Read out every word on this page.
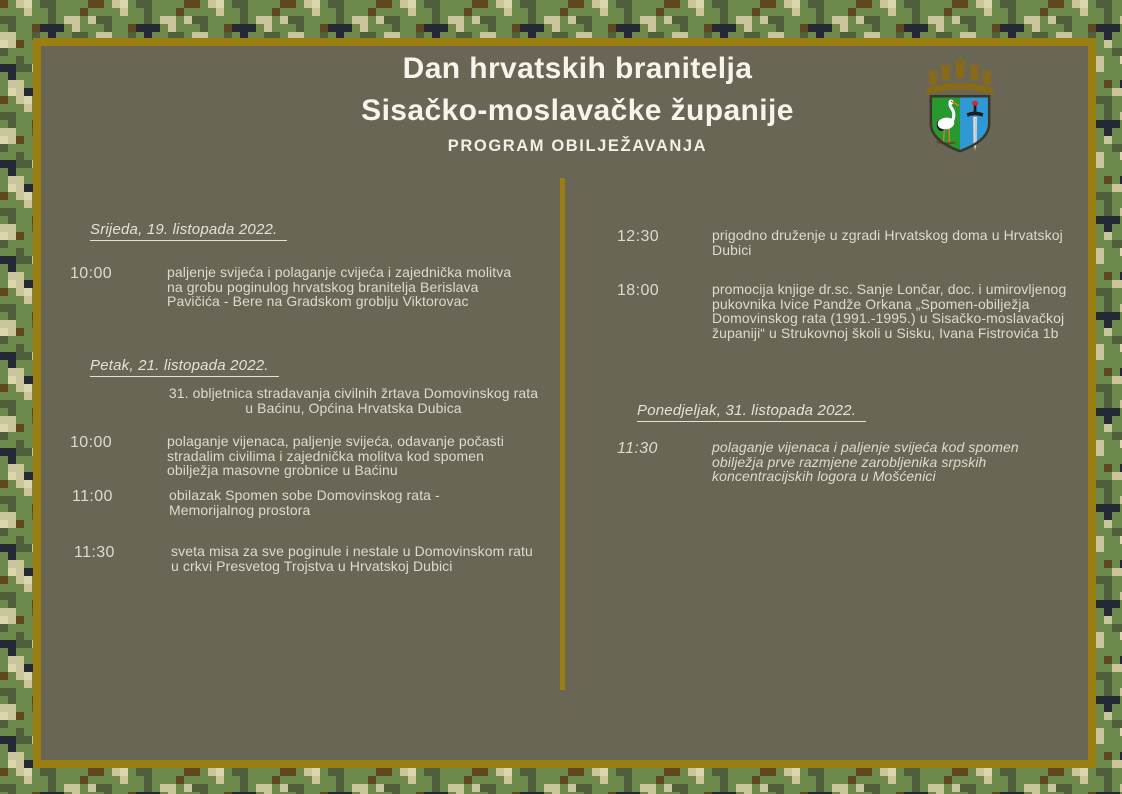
Dan hrvatskih branitelja
Sisačko-moslavačke županije
PROGRAM OBILJEŽAVANJA
Srijeda, 19. listopada 2022.
10:00	paljenje svijeća i polaganje cvijeća i zajednička molitva na grobu poginulog hrvatskog branitelja Berislava Pavičića - Bere na Gradskom groblju Viktorovac
Petak, 21. listopada 2022.
31. obljetnica stradavanja civilnih žrtava Domovinskog rata u Baćinu, Općina Hrvatska Dubica
10:00	polaganje vijenaca, paljenje svijeća, odavanje počasti stradalim civilima i zajednička molitva kod spomen obilježja masovne grobnice u Baćinu
11:00	obilazak Spomen sobe Domovinskog rata - Memorijalnog prostora
11:30	sveta misa za sve poginule i nestale u Domovinskom ratu u crkvi Presvetog Trojstva u Hrvatskoj Dubici
12:30	prigodno druženje u zgradi Hrvatskog doma u Hrvatskoj Dubici
18:00	promocija knjige dr.sc. Sanje Lončar, doc. i umirovljenog pukovnika Ivice Pandže Orkana „Spomen-obilježja Domovinskog rata (1991.-1995.) u Sisačko-moslavačkoj županiji“ u Strukovnoj školi u Sisku, Ivana Fistrovića 1b
Ponedjeljak, 31. listopada 2022.
11:30	polaganje vijenaca i paljenje svijeća kod spomen obilježja prve razmjene zarobljenika srpskih koncentracijskih logora u Mošćenici
